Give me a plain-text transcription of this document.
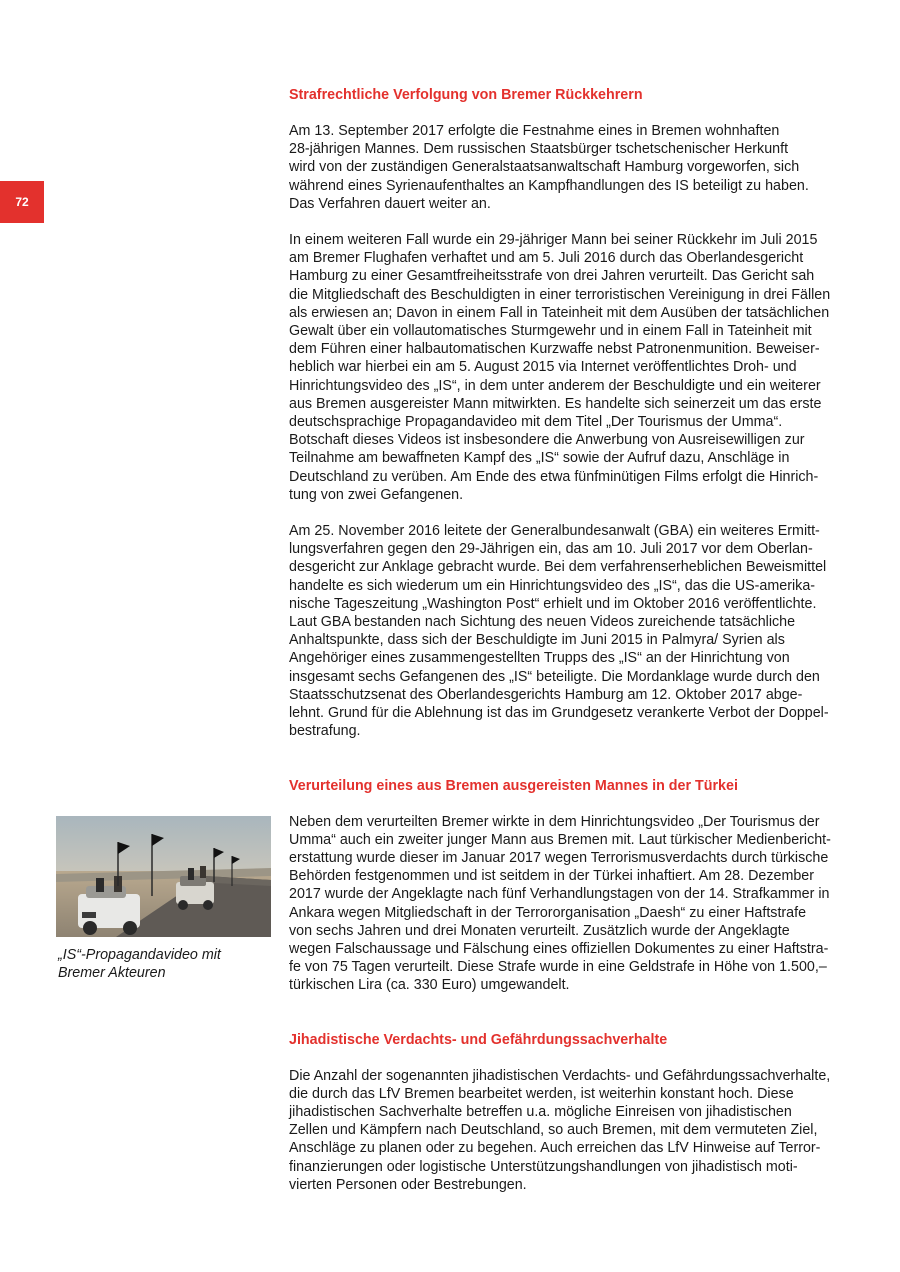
72
Strafrechtliche Verfolgung von Bremer Rückkehrern
Am 13. September 2017 erfolgte die Festnahme eines in Bremen wohnhaften
28-jährigen Mannes. Dem russischen Staatsbürger tschetschenischer Herkunft
wird von der zuständigen Generalstaatsanwaltschaft Hamburg vorgeworfen, sich
während eines Syrienaufenthaltes an Kampfhandlungen des IS beteiligt zu haben.
Das Verfahren dauert weiter an.
In einem weiteren Fall wurde ein 29-jähriger Mann bei seiner Rückkehr im Juli 2015
am Bremer Flughafen verhaftet und am 5. Juli 2016 durch das Oberlandesgericht
Hamburg zu einer Gesamtfreiheitsstrafe von drei Jahren verurteilt. Das Gericht sah
die Mitgliedschaft des Beschuldigten in einer terroristischen Vereinigung in drei Fällen
als erwiesen an; Davon in einem Fall in Tateinheit mit dem Ausüben der tatsächlichen
Gewalt über ein vollautomatisches Sturmgewehr und in einem Fall in Tateinheit mit
dem Führen einer halbautomatischen Kurzwaffe nebst Patronenmunition. Beweiser-
heblich war hierbei ein am 5. August 2015 via Internet veröffentlichtes Droh- und
Hinrichtungsvideo des „IS“, in dem unter anderem der Beschuldigte und ein weiterer
aus Bremen ausgereister Mann mitwirkten. Es handelte sich seinerzeit um das erste
deutschsprachige Propagandavideo mit dem Titel „Der Tourismus der Umma“.
Botschaft dieses Videos ist insbesondere die Anwerbung von Ausreisewilligen zur
Teilnahme am bewaffneten Kampf des „IS“ sowie der Aufruf dazu, Anschläge in
Deutschland zu verüben. Am Ende des etwa fünfminütigen Films erfolgt die Hinrich-
tung von zwei Gefangenen.
Am 25. November 2016 leitete der Generalbundesanwalt (GBA) ein weiteres Ermitt-
lungsverfahren gegen den 29-Jährigen ein, das am 10. Juli 2017 vor dem Oberlan-
desgericht zur Anklage gebracht wurde. Bei dem verfahrenserheblichen Beweismittel
handelte es sich wiederum um ein Hinrichtungsvideo des „IS“, das die US-amerika-
nische Tageszeitung „Washington Post“ erhielt und im Oktober 2016 veröffentlichte.
Laut GBA bestanden nach Sichtung des neuen Videos zureichende tatsächliche
Anhaltspunkte, dass sich der Beschuldigte im Juni 2015 in Palmyra/ Syrien als
Angehöriger eines zusammengestellten Trupps des „IS“ an der Hinrichtung von
insgesamt sechs Gefangenen des „IS“ beteiligte. Die Mordanklage wurde durch den
Staatsschutzsenat des Oberlandesgerichts Hamburg am 12. Oktober 2017 abge-
lehnt. Grund für die Ablehnung ist das im Grundgesetz verankerte Verbot der Doppel-
bestrafung.
Verurteilung eines aus Bremen ausgereisten Mannes in der Türkei
Neben dem verurteilten Bremer wirkte in dem Hinrichtungsvideo „Der Tourismus der
Umma“ auch ein zweiter junger Mann aus Bremen mit. Laut türkischer Medienbericht-
erstattung wurde dieser im Januar 2017 wegen Terrorismusverdachts durch türkische
Behörden festgenommen und ist seitdem in der Türkei inhaftiert. Am 28. Dezember
2017 wurde der Angeklagte nach fünf Verhandlungstagen von der 14. Strafkammer in
Ankara wegen Mitgliedschaft in der Terrororganisation „Daesh“ zu einer Haftstrafe
von sechs Jahren und drei Monaten verurteilt. Zusätzlich wurde der Angeklagte
wegen Falschaussage und Fälschung eines offiziellen Dokumentes zu einer Haftstra-
fe von 75 Tagen verurteilt. Diese Strafe wurde in eine Geldstrafe in Höhe von 1.500,–
türkischen Lira (ca. 330 Euro) umgewandelt.
Jihadistische Verdachts- und Gefährdungssachverhalte
Die Anzahl der sogenannten jihadistischen Verdachts- und Gefährdungssachverhalte,
die durch das LfV Bremen bearbeitet werden, ist weiterhin konstant hoch. Diese
jihadistischen Sachverhalte betreffen u.a. mögliche Einreisen von jihadistischen
Zellen und Kämpfern nach Deutschland, so auch Bremen, mit dem vermuteten Ziel,
Anschläge zu planen oder zu begehen. Auch erreichen das LfV Hinweise auf Terror-
finanzierungen oder logistische Unterstützungshandlungen von jihadistisch moti-
vierten Personen oder Bestrebungen.
„IS“-Propagandavideo mit
Bremer Akteuren
